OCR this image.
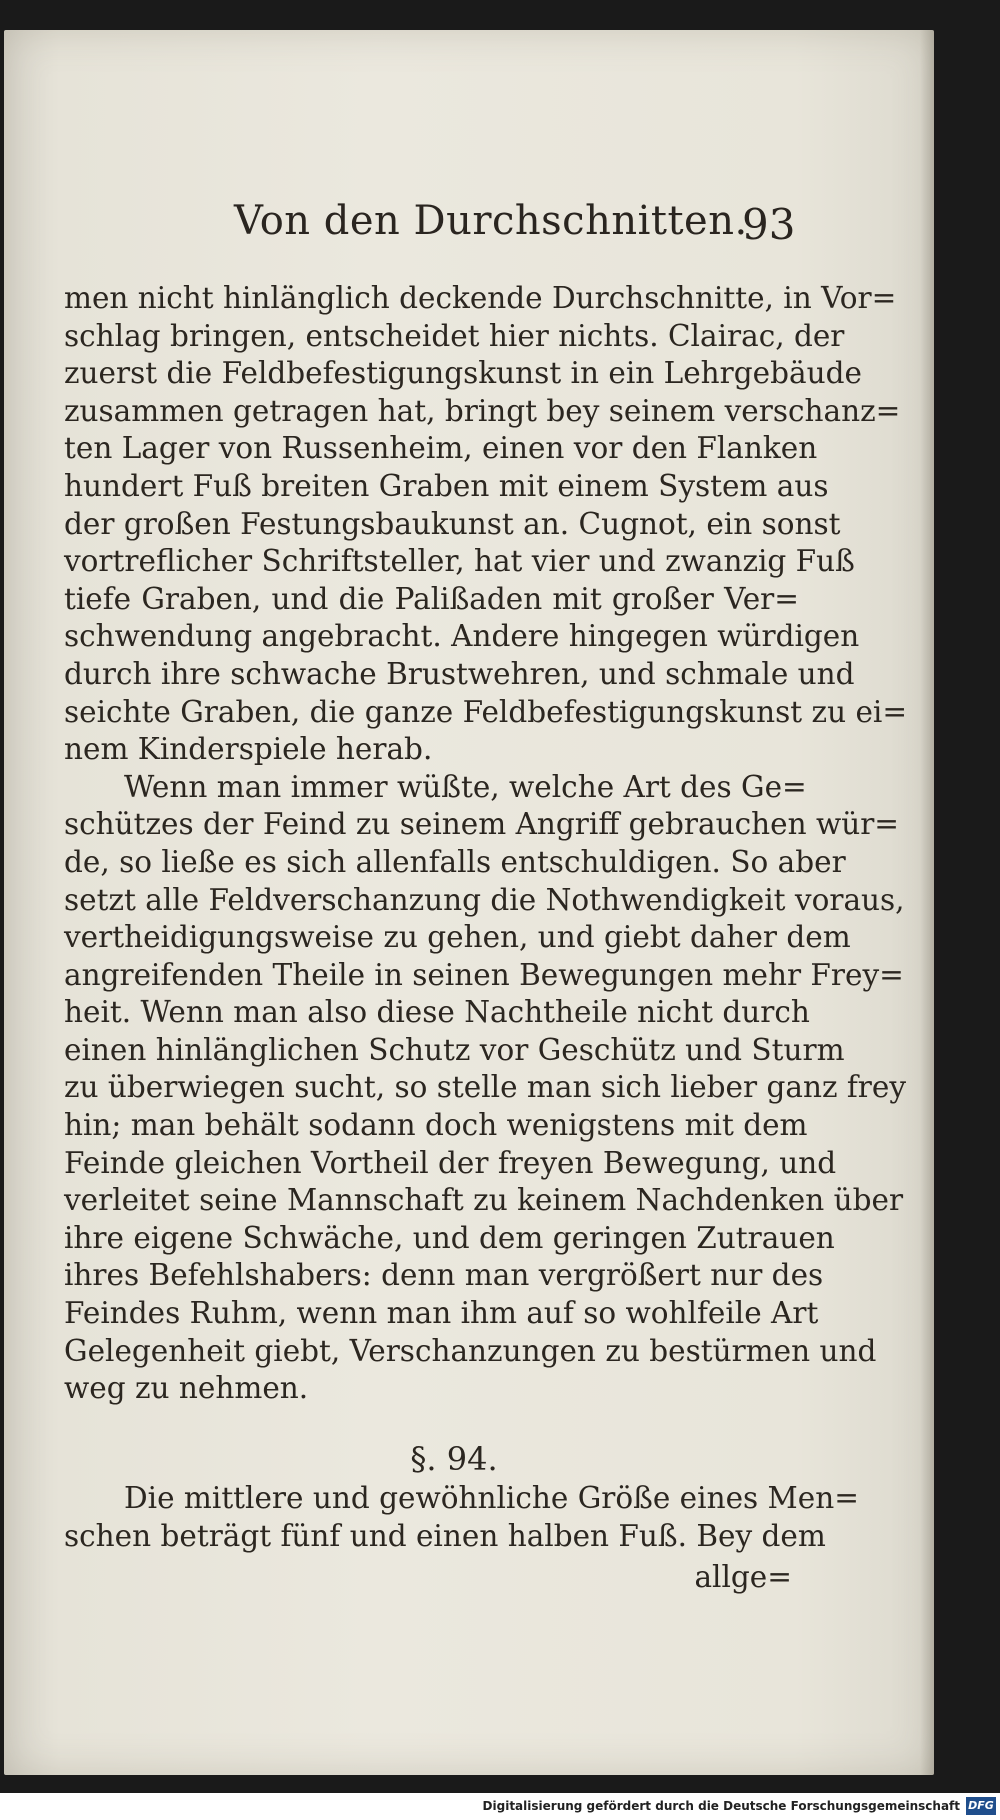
Von den Durchschnitten.
93
men nicht hinlänglich deckende Durchschnitte, in Vor=
schlag bringen, entscheidet hier nichts. Clairac, der
zuerst die Feldbefestigungskunst in ein Lehrgebäude
zusammen getragen hat, bringt bey seinem verschanz=
ten Lager von Russenheim, einen vor den Flanken
hundert Fuß breiten Graben mit einem System aus
der großen Festungsbaukunst an. Cugnot, ein sonst
vortreflicher Schriftsteller, hat vier und zwanzig Fuß
tiefe Graben, und die Palißaden mit großer Ver=
schwendung angebracht. Andere hingegen würdigen
durch ihre schwache Brustwehren, und schmale und
seichte Graben, die ganze Feldbefestigungskunst zu ei=
nem Kinderspiele herab.
Wenn man immer wüßte, welche Art des Ge=
schützes der Feind zu seinem Angriff gebrauchen wür=
de, so ließe es sich allenfalls entschuldigen. So aber
setzt alle Feldverschanzung die Nothwendigkeit voraus,
vertheidigungsweise zu gehen, und giebt daher dem
angreifenden Theile in seinen Bewegungen mehr Frey=
heit. Wenn man also diese Nachtheile nicht durch
einen hinlänglichen Schutz vor Geschütz und Sturm
zu überwiegen sucht, so stelle man sich lieber ganz frey
hin; man behält sodann doch wenigstens mit dem
Feinde gleichen Vortheil der freyen Bewegung, und
verleitet seine Mannschaft zu keinem Nachdenken über
ihre eigene Schwäche, und dem geringen Zutrauen
ihres Befehlshabers: denn man vergrößert nur des
Feindes Ruhm, wenn man ihm auf so wohlfeile Art
Gelegenheit giebt, Verschanzungen zu bestürmen und
weg zu nehmen.
§. 94.
Die mittlere und gewöhnliche Größe eines Men=
schen beträgt fünf und einen halben Fuß. Bey dem
allge=
Digitalisierung gefördert durch die Deutsche Forschungsgemeinschaft DFG
